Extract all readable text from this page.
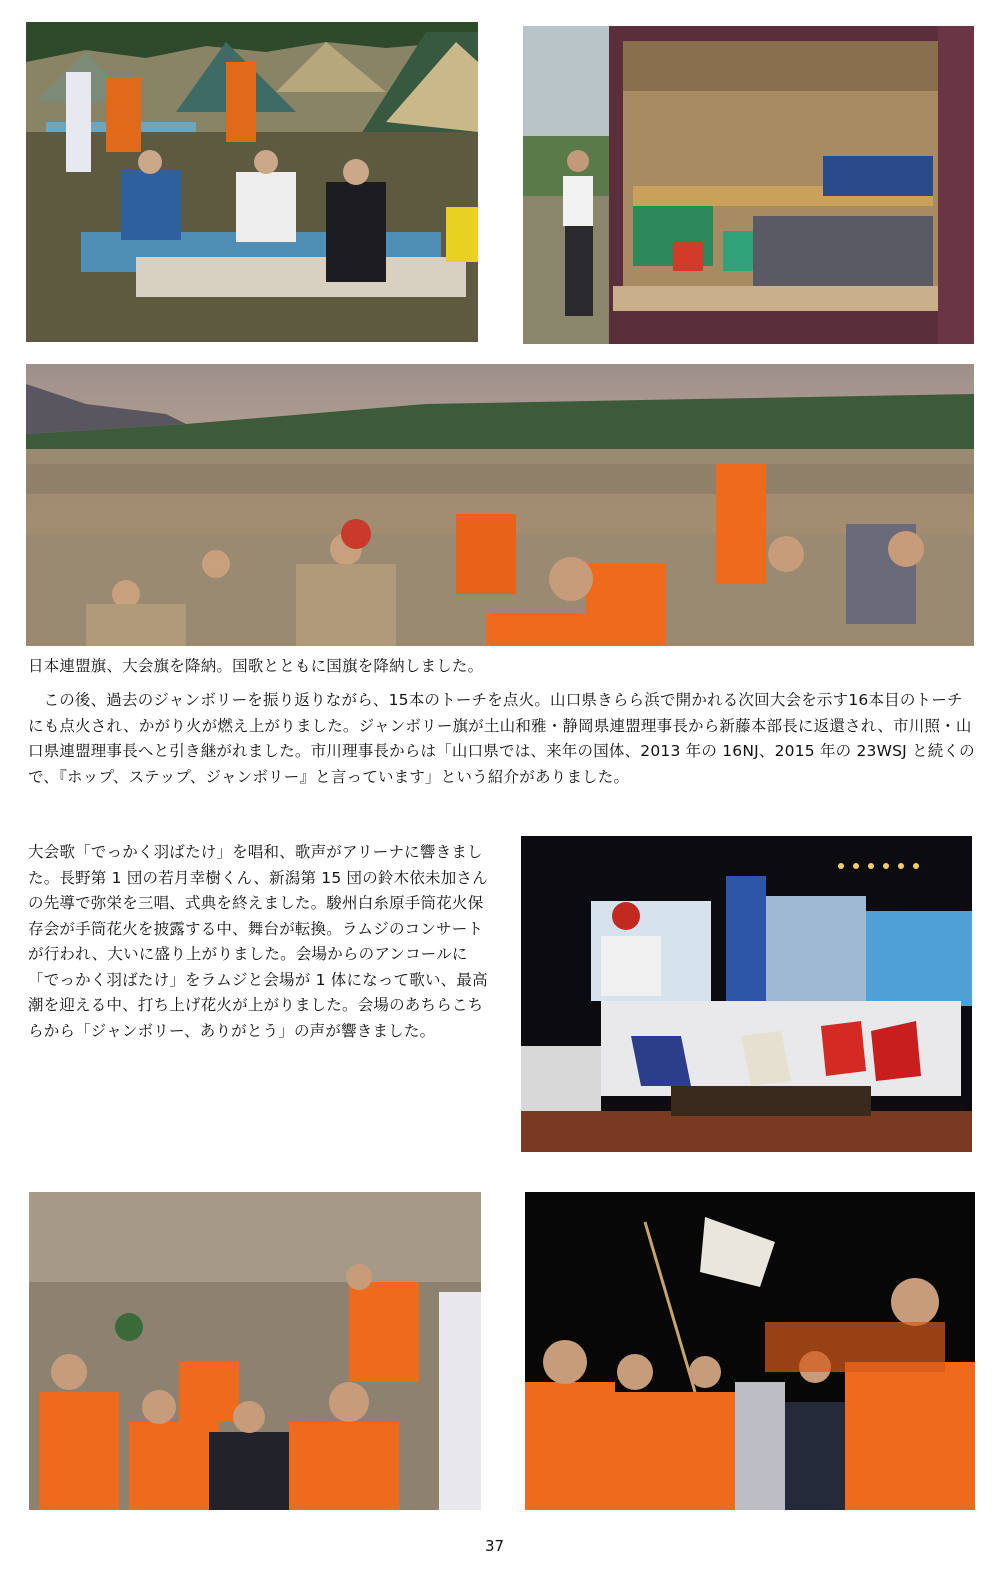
日本連盟旗、大会旗を降納。国歌とともに国旗を降納しました。

この後、過去のジャンボリーを振り返りながら、15本のトーチを点火。山口県きらら浜で開かれる次回大会を示す16本目のトーチにも点火され、かがり火が燃え上がりました。ジャンボリー旗が土山和雅・静岡県連盟理事長から新藤本部長に返還され、市川照・山口県連盟理事長へと引き継がれました。市川理事長からは「山口県では、来年の国体、2013 年の 16NJ、2015 年の 23WSJ と続くので、『ホップ、ステップ、ジャンボリー』と言っています」という紹介がありました。

大会歌「でっかく羽ばたけ」を唱和、歌声がアリーナに響きました。長野第 1 団の若月幸樹くん、新潟第 15 団の鈴木依未加さんの先導で弥栄を三唱、式典を終えました。駿州白糸原手筒花火保存会が手筒花火を披露する中、舞台が転換。ラムジのコンサートが行われ、大いに盛り上がりました。会場からのアンコールに「でっかく羽ばたけ」をラムジと会場が 1 体になって歌い、最高潮を迎える中、打ち上げ花火が上がりました。会場のあちらこちらから「ジャンボリー、ありがとう」の声が響きました。

37
